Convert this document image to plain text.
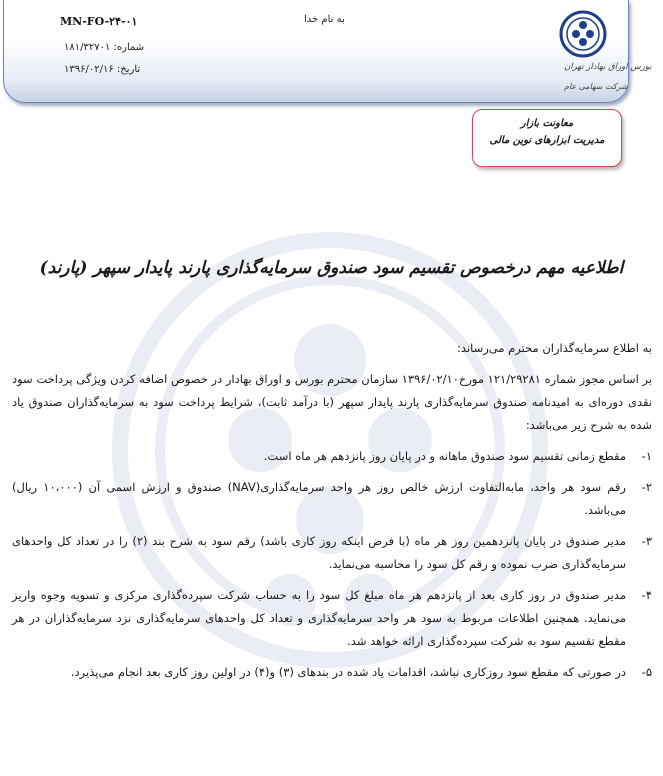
MN-FO-۲۴-۰۱
شماره: ۱۸۱/۳۲۷۰۱
تاریخ: ۱۳۹۶/۰۲/۱۶
به نام خدا
بورس اوراق بهادار تهران
شرکت سهامی عام
معاونت بازار
مدیریت ابزارهای نوین مالی
اطلاعیه مهم درخصوص تقسیم سود صندوق سرمایه‌گذاری پارند پایدار سپهر (پارند)

به اطلاع سرمایه‌گذاران محترم می‌رساند:

بر اساس مجوز شماره ۱۲۱/۲۹۲۸۱ مورخ۱۳۹۶/۰۲/۱۰ سازمان محترم بورس و اوراق بهادار در خصوص اضافه کردن ویژگی پرداخت سود نقدی دوره‌ای به امیدنامه صندوق سرمایه‌گذاری پارند پایدار سپهر (با درآمد ثابت)، شرایط پرداخت سود به سرمایه‌گذاران صندوق یاد شده به شرح زیر می‌باشد:

۱-
مقطع زمانی تقسیم سود صندوق ماهانه و در پایان روز پانزدهم هر ماه است.
۲-
رقم سود هر واحد، مابه‌التفاوت ارزش خالص روز هر واحد سرمایه‌گذاری(NAV) صندوق و ارزش اسمی آن (۱۰،۰۰۰ ریال) می‌باشد.
۳-
مدیر صندوق در پایان پانزدهمین روز هر ماه (با فرض اینکه روز کاری باشد) رقم سود به شرح بند (۲) را در تعداد کل واحدهای سرمایه‌گذاری ضرب نموده و رقم کل سود را محاسبه می‌نماید.
۴-
مدیر صندوق در روز کاری بعد از پانزدهم هر ماه مبلغ کل سود را به حساب شرکت سپرده‌گذاری مرکزی و تسویه وجوه واریز می‌نماید. همچنین اطلاعات مربوط به سود هر واحد سرمایه‌گذاری و تعداد کل واحدهای سرمایه‌گذاری نزد سرمایه‌گذاران در هر مقطع تقسیم سود به شرکت سپرده‌گذاری ارائه خواهد شد.
۵-
در صورتی که مقطع سود روزکاری نباشد، اقدامات یاد شده در بندهای (۳) و(۴) در اولین روز کاری بعد انجام می‌پذیرد.
